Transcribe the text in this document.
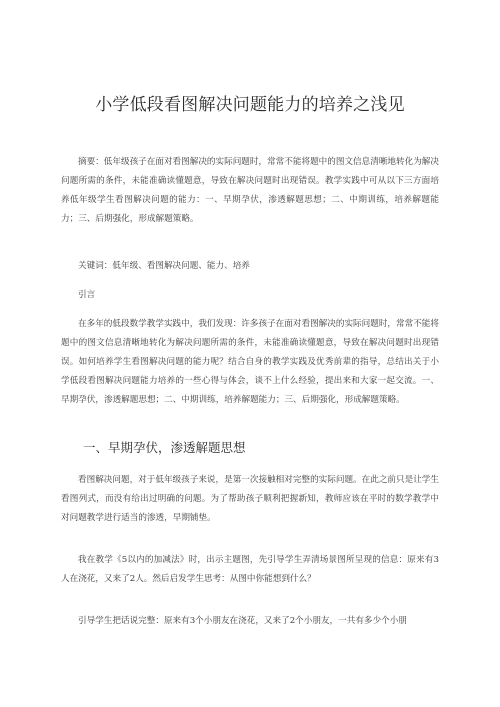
小学低段看图解决问题能力的培养之浅见

摘要：低年级孩子在面对看图解决的实际问题时，常常不能将题中的图文信息清晰地转化为解决问题所需的条件，未能准确读懂题意，导致在解决问题时出现错误。教学实践中可从以下三方面培养低年级学生看图解决问题的能力：一、早期孕伏，渗透解题思想；二、中期训练，培养解题能力；三、后期强化，形成解题策略。

关键词：低年级、看图解决问题、能力、培养

引言

在多年的低段数学教学实践中，我们发现：许多孩子在面对看图解决的实际问题时，常常不能将题中的图文信息清晰地转化为解决问题所需的条件，未能准确读懂题意，导致在解决问题时出现错误。如何培养学生看图解决问题的能力呢？结合自身的教学实践及优秀前辈的指导，总结出关于小学低段看图解决问题能力培养的一些心得与体会，谈不上什么经验，提出来和大家一起交流。一、早期孕伏，渗透解题思想；二、中期训练，培养解题能力；三、后期强化，形成解题策略。

一、早期孕伏，渗透解题思想

看图解决问题，对于低年级孩子来说，是第一次接触相对完整的实际问题。在此之前只是让学生看图列式，而没有给出过明确的问题。为了帮助孩子顺利把握新知，教师应该在平时的数学教学中对问题教学进行适当的渗透，早期铺垫。

我在教学《5以内的加减法》时，出示主题图，先引导学生弄清场景图所呈现的信息：原来有3人在浇花，又来了2人。然后启发学生思考：从图中你能想到什么？

引导学生把话说完整：原来有3个小朋友在浇花，又来了2个小朋友，一共有多少个小朋
